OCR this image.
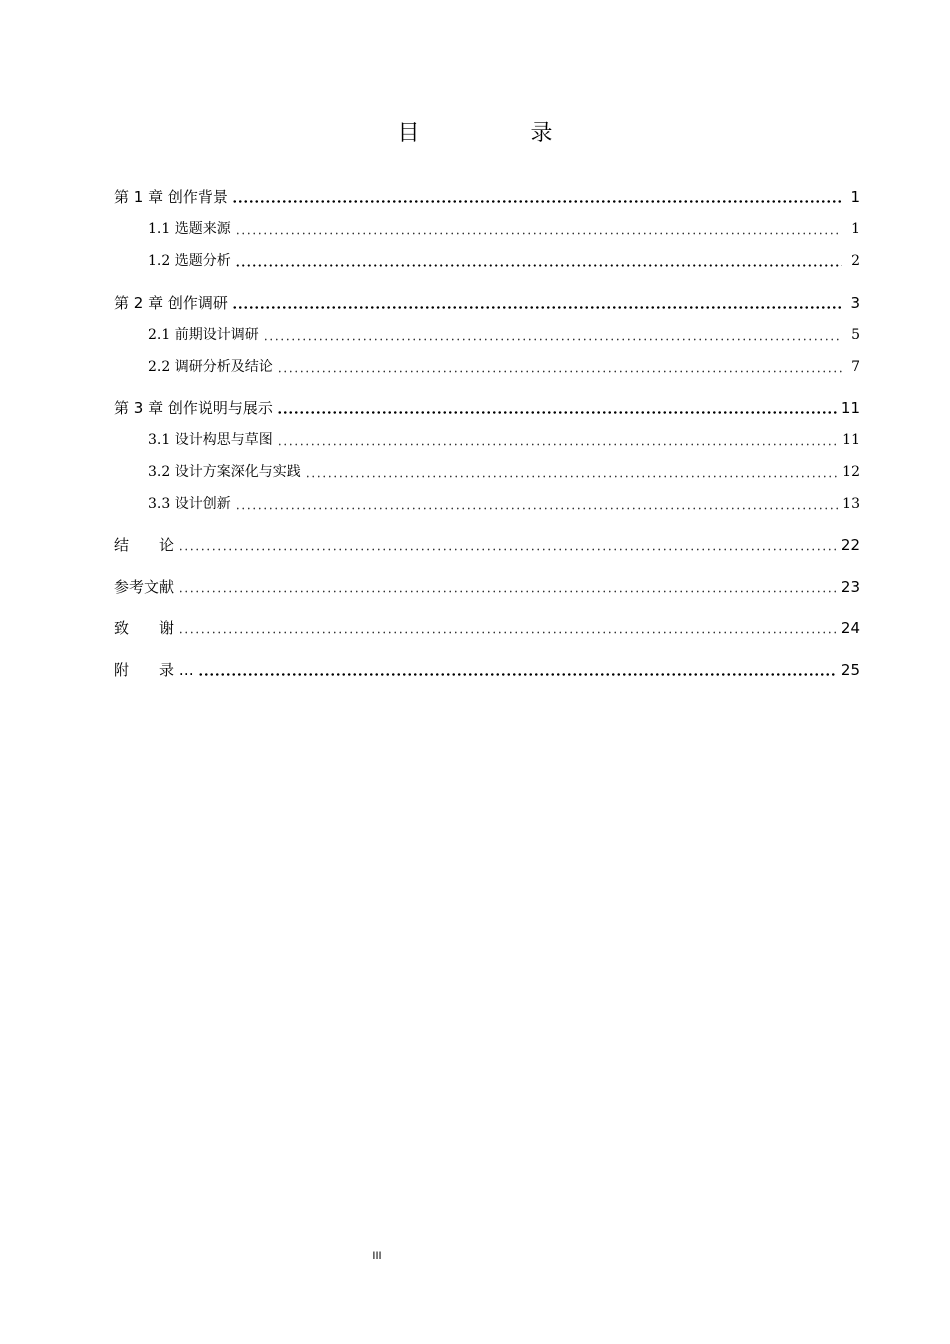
目 录
第 1 章 创作背景	1
1.1 选题来源	1
1.2 选题分析	2
第 2 章 创作调研	3
2.1 前期设计调研	5
2.2 调研分析及结论	7
第 3 章 创作说明与展示	11
3.1 设计构思与草图	11
3.2 设计方案深化与实践	12
3.3 设计创新	13
结　　论	22
参考文献	23
致　　谢	24
附　　录 …	25
III
